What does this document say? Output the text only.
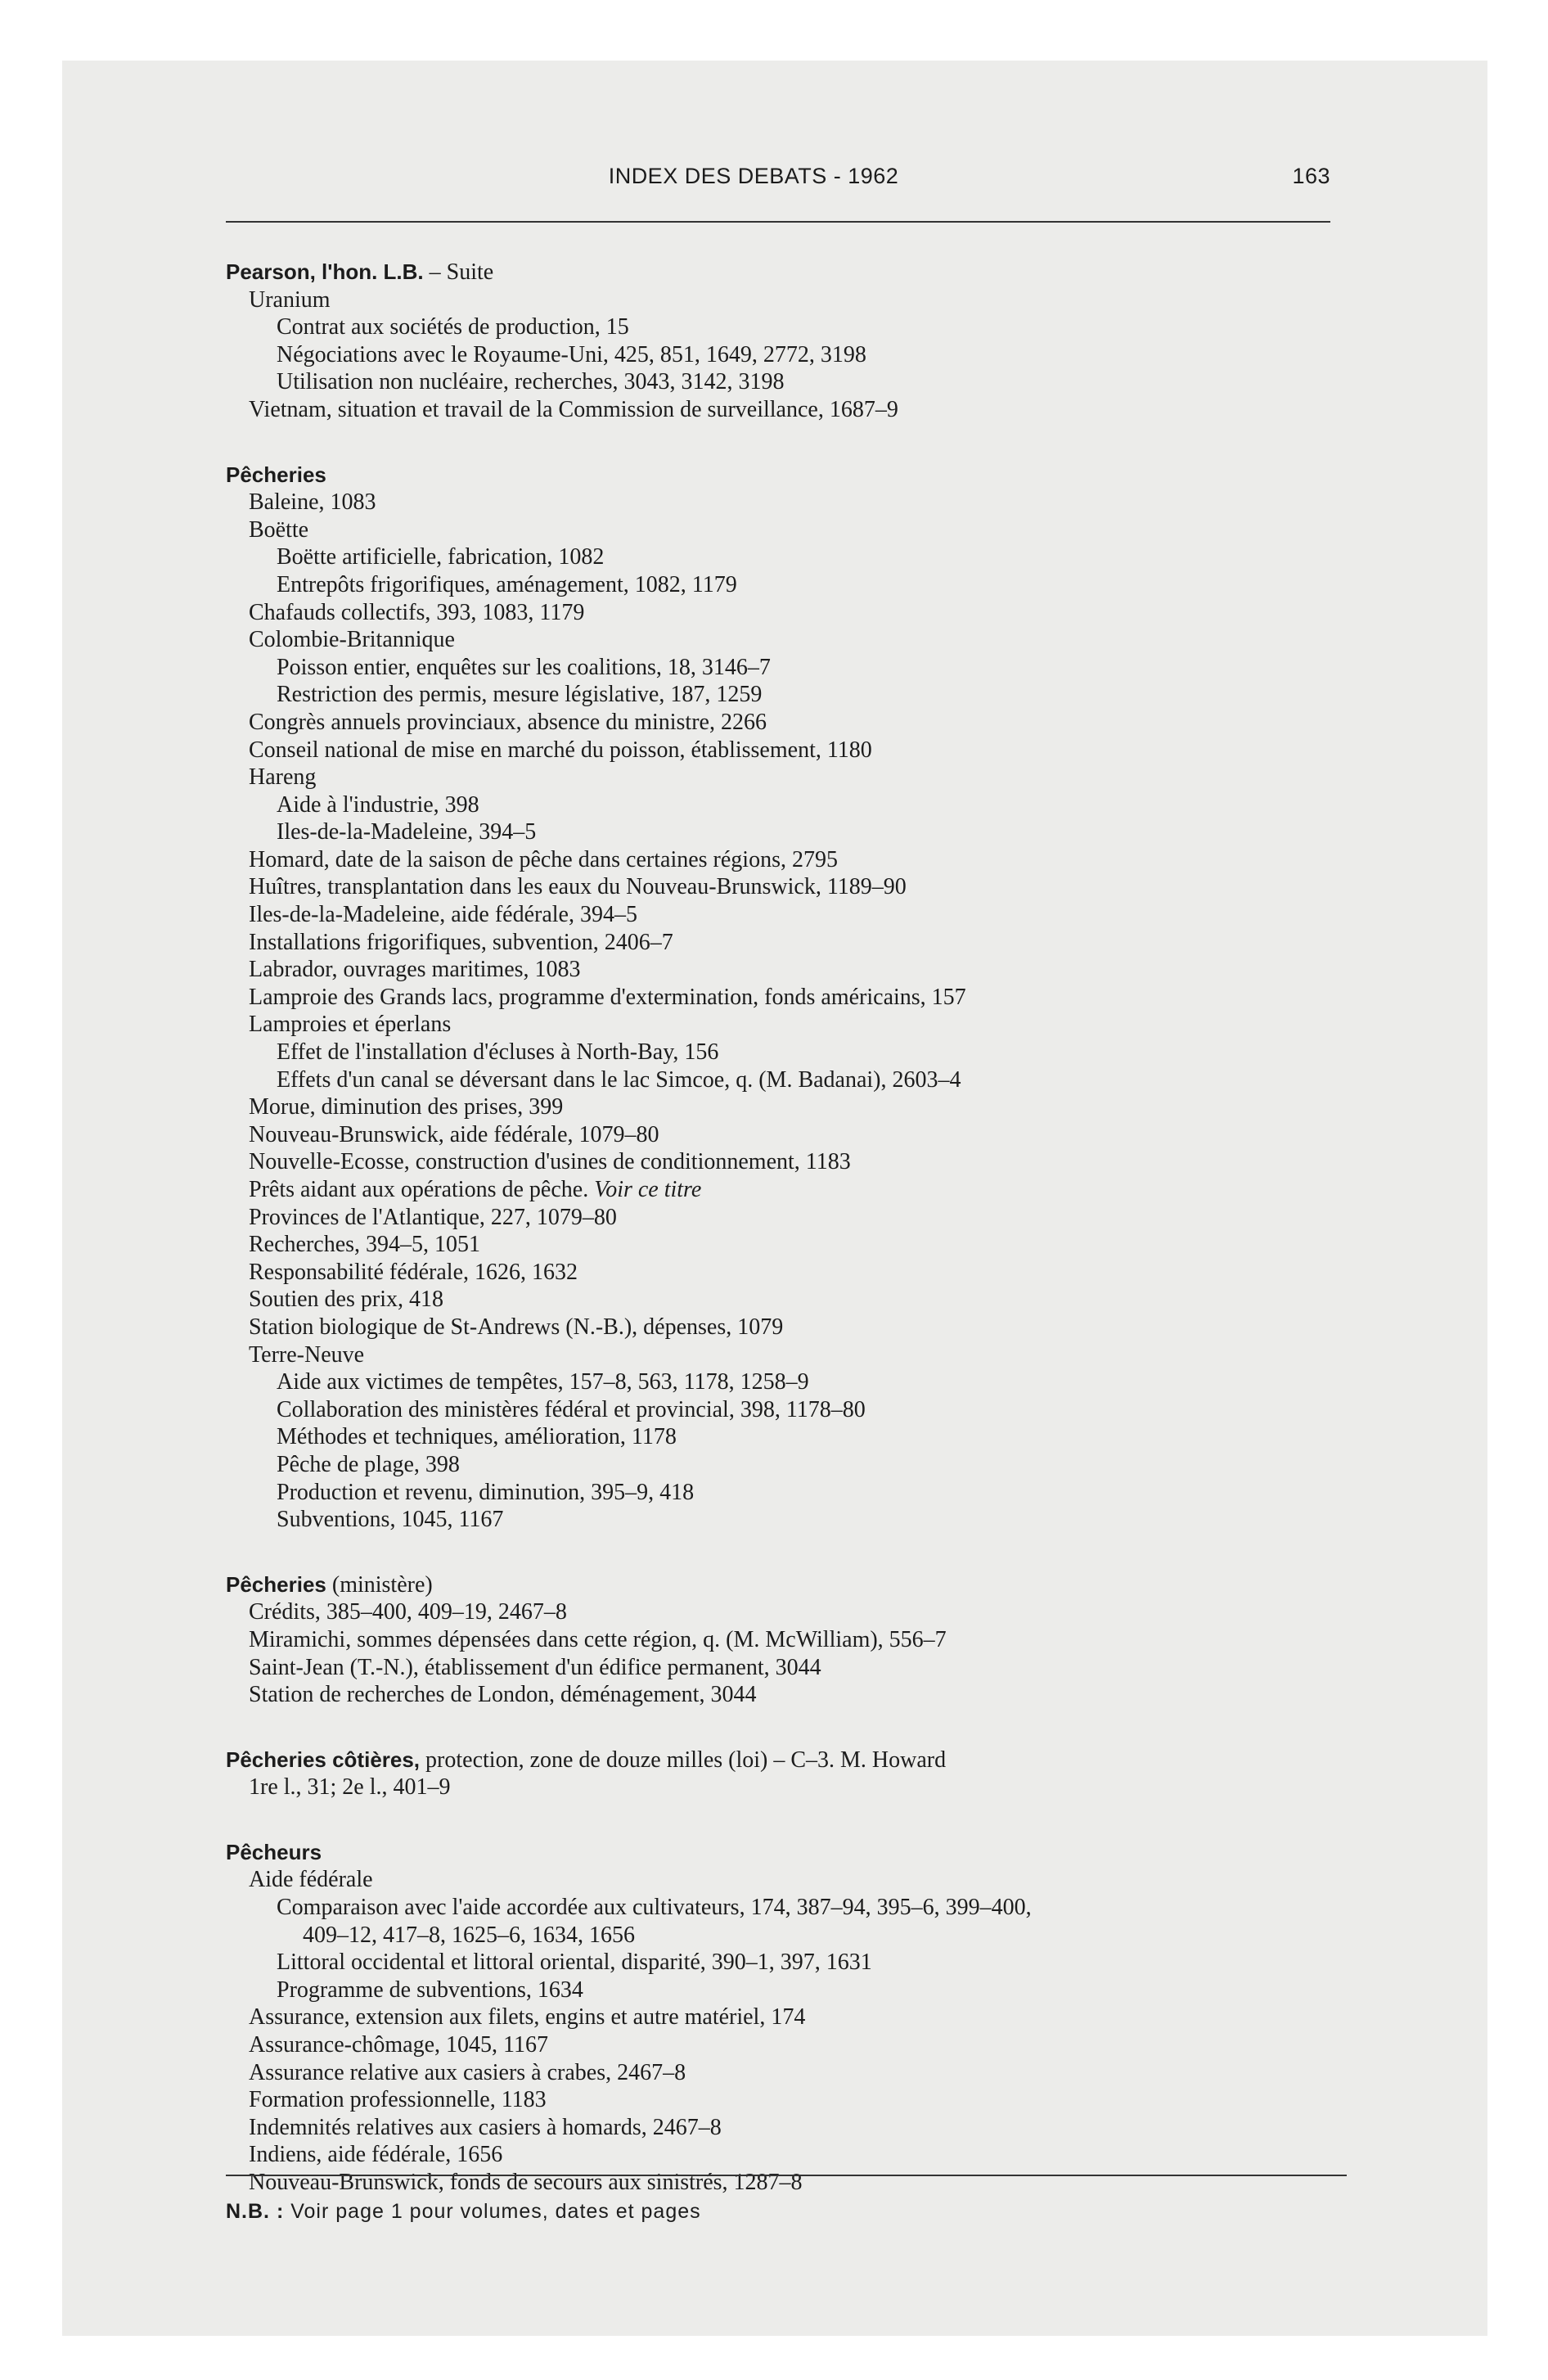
INDEX DES DEBATS - 1962	163
Pearson, l'hon. L.B. – Suite
Uranium
Contrat aux sociétés de production, 15
Négociations avec le Royaume-Uni, 425, 851, 1649, 2772, 3198
Utilisation non nucléaire, recherches, 3043, 3142, 3198
Vietnam, situation et travail de la Commission de surveillance, 1687–9
Pêcheries
Baleine, 1083
Boëtte
Boëtte artificielle, fabrication, 1082
Entrepôts frigorifiques, aménagement, 1082, 1179
Chafauds collectifs, 393, 1083, 1179
Colombie-Britannique
Poisson entier, enquêtes sur les coalitions, 18, 3146–7
Restriction des permis, mesure législative, 187, 1259
Congrès annuels provinciaux, absence du ministre, 2266
Conseil national de mise en marché du poisson, établissement, 1180
Hareng
Aide à l'industrie, 398
Iles-de-la-Madeleine, 394–5
Homard, date de la saison de pêche dans certaines régions, 2795
Huîtres, transplantation dans les eaux du Nouveau-Brunswick, 1189–90
Iles-de-la-Madeleine, aide fédérale, 394–5
Installations frigorifiques, subvention, 2406–7
Labrador, ouvrages maritimes, 1083
Lamproie des Grands lacs, programme d'extermination, fonds américains, 157
Lamproies et éperlans
Effet de l'installation d'écluses à North-Bay, 156
Effets d'un canal se déversant dans le lac Simcoe, q. (M. Badanai), 2603–4
Morue, diminution des prises, 399
Nouveau-Brunswick, aide fédérale, 1079–80
Nouvelle-Ecosse, construction d'usines de conditionnement, 1183
Prêts aidant aux opérations de pêche. Voir ce titre
Provinces de l'Atlantique, 227, 1079–80
Recherches, 394–5, 1051
Responsabilité fédérale, 1626, 1632
Soutien des prix, 418
Station biologique de St-Andrews (N.-B.), dépenses, 1079
Terre-Neuve
Aide aux victimes de tempêtes, 157–8, 563, 1178, 1258–9
Collaboration des ministères fédéral et provincial, 398, 1178–80
Méthodes et techniques, amélioration, 1178
Pêche de plage, 398
Production et revenu, diminution, 395–9, 418
Subventions, 1045, 1167
Pêcheries (ministère)
Crédits, 385–400, 409–19, 2467–8
Miramichi, sommes dépensées dans cette région, q. (M. McWilliam), 556–7
Saint-Jean (T.-N.), établissement d'un édifice permanent, 3044
Station de recherches de London, déménagement, 3044
Pêcheries côtières, protection, zone de douze milles (loi) – C–3. M. Howard
1re l., 31; 2e l., 401–9
Pêcheurs
Aide fédérale
Comparaison avec l'aide accordée aux cultivateurs, 174, 387–94, 395–6, 399–400,
409–12, 417–8, 1625–6, 1634, 1656
Littoral occidental et littoral oriental, disparité, 390–1, 397, 1631
Programme de subventions, 1634
Assurance, extension aux filets, engins et autre matériel, 174
Assurance-chômage, 1045, 1167
Assurance relative aux casiers à crabes, 2467–8
Formation professionnelle, 1183
Indemnités relatives aux casiers à homards, 2467–8
Indiens, aide fédérale, 1656
Nouveau-Brunswick, fonds de secours aux sinistrés, 1287–8
N.B. : Voir page 1 pour volumes, dates et pages
